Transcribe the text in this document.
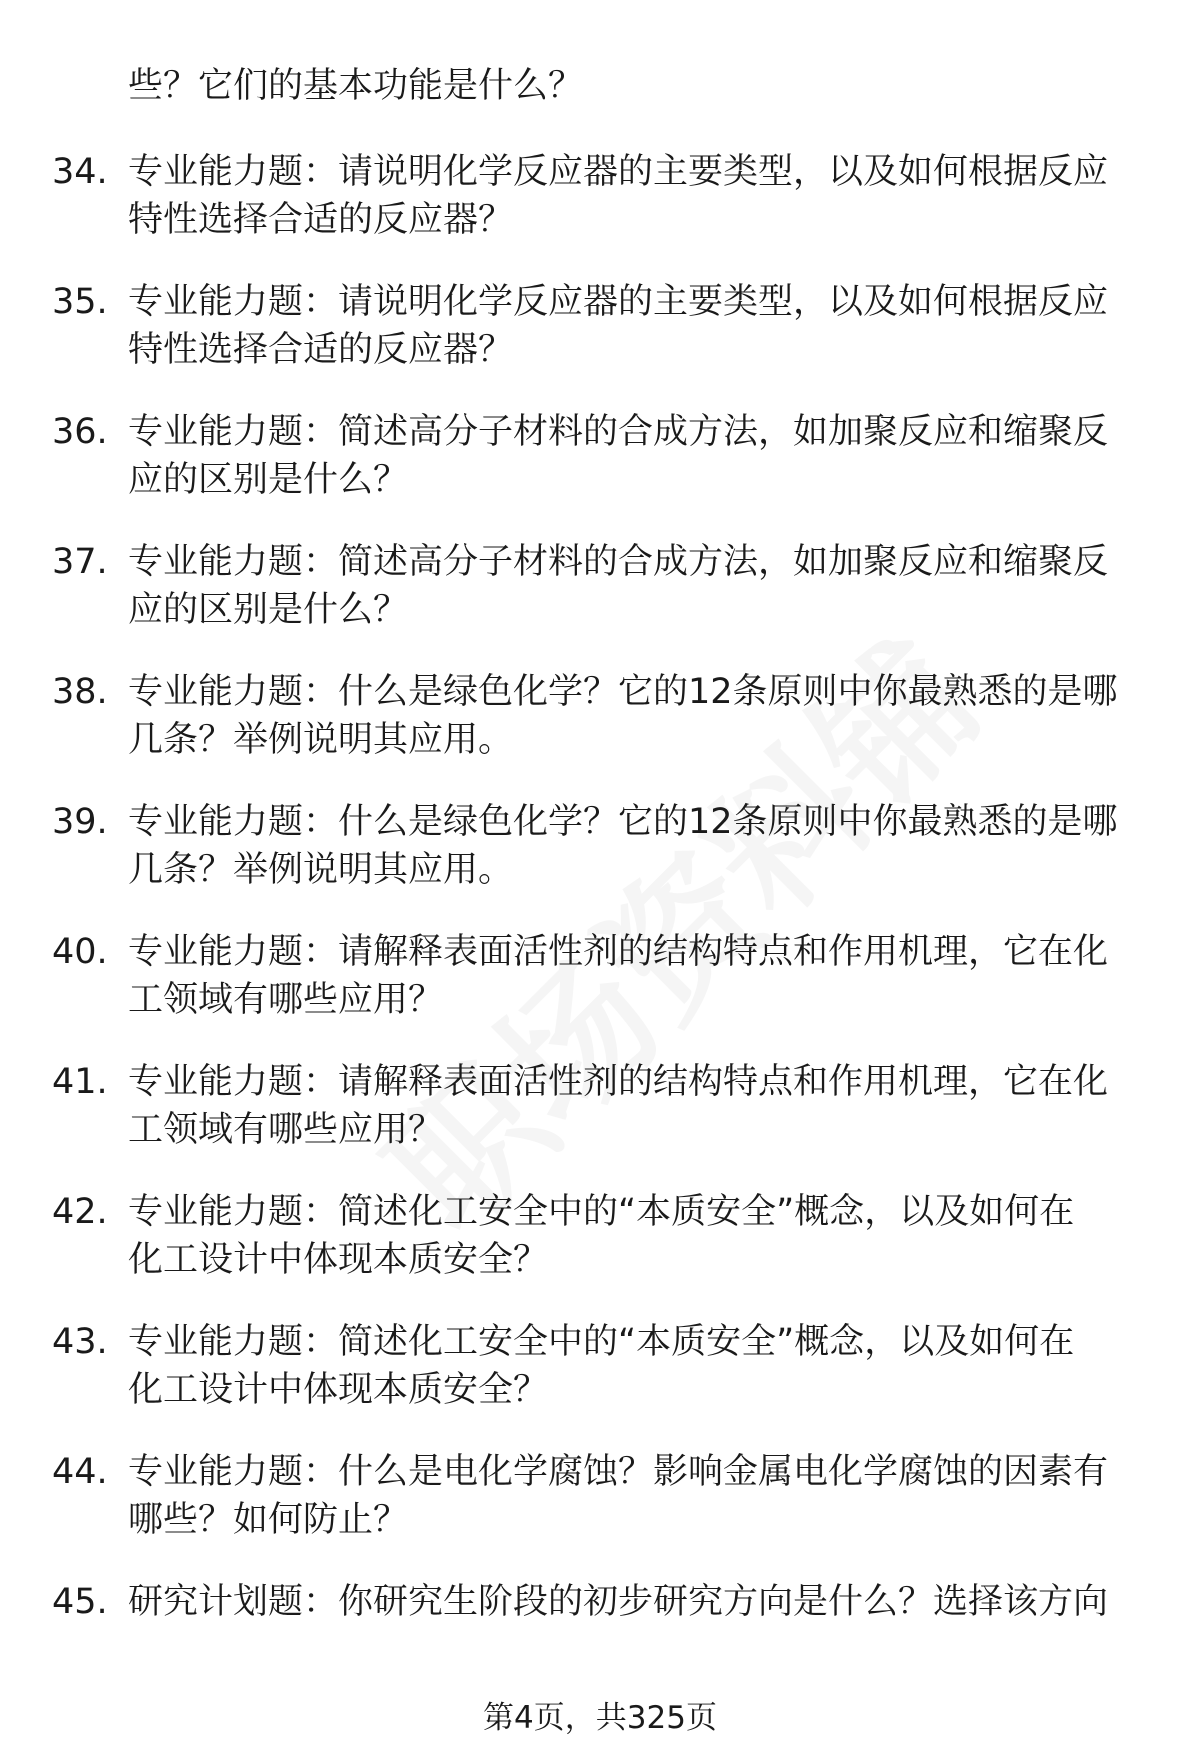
些？它们的基本功能是什么？
34. 专业能力题：请说明化学反应器的主要类型，以及如何根据反应
特性选择合适的反应器？
35. 专业能力题：请说明化学反应器的主要类型，以及如何根据反应
特性选择合适的反应器？
36. 专业能力题：简述高分子材料的合成方法，如加聚反应和缩聚反
应的区别是什么？
37. 专业能力题：简述高分子材料的合成方法，如加聚反应和缩聚反
应的区别是什么？
38. 专业能力题：什么是绿色化学？它的12条原则中你最熟悉的是哪
几条？举例说明其应用。
39. 专业能力题：什么是绿色化学？它的12条原则中你最熟悉的是哪
几条？举例说明其应用。
40. 专业能力题：请解释表面活性剂的结构特点和作用机理，它在化
工领域有哪些应用？
41. 专业能力题：请解释表面活性剂的结构特点和作用机理，它在化
工领域有哪些应用？
42. 专业能力题：简述化工安全中的“本质安全”概念，以及如何在
化工设计中体现本质安全？
43. 专业能力题：简述化工安全中的“本质安全”概念，以及如何在
化工设计中体现本质安全？
44. 专业能力题：什么是电化学腐蚀？影响金属电化学腐蚀的因素有
哪些？如何防止？
45. 研究计划题：你研究生阶段的初步研究方向是什么？选择该方向
第4页，共325页
